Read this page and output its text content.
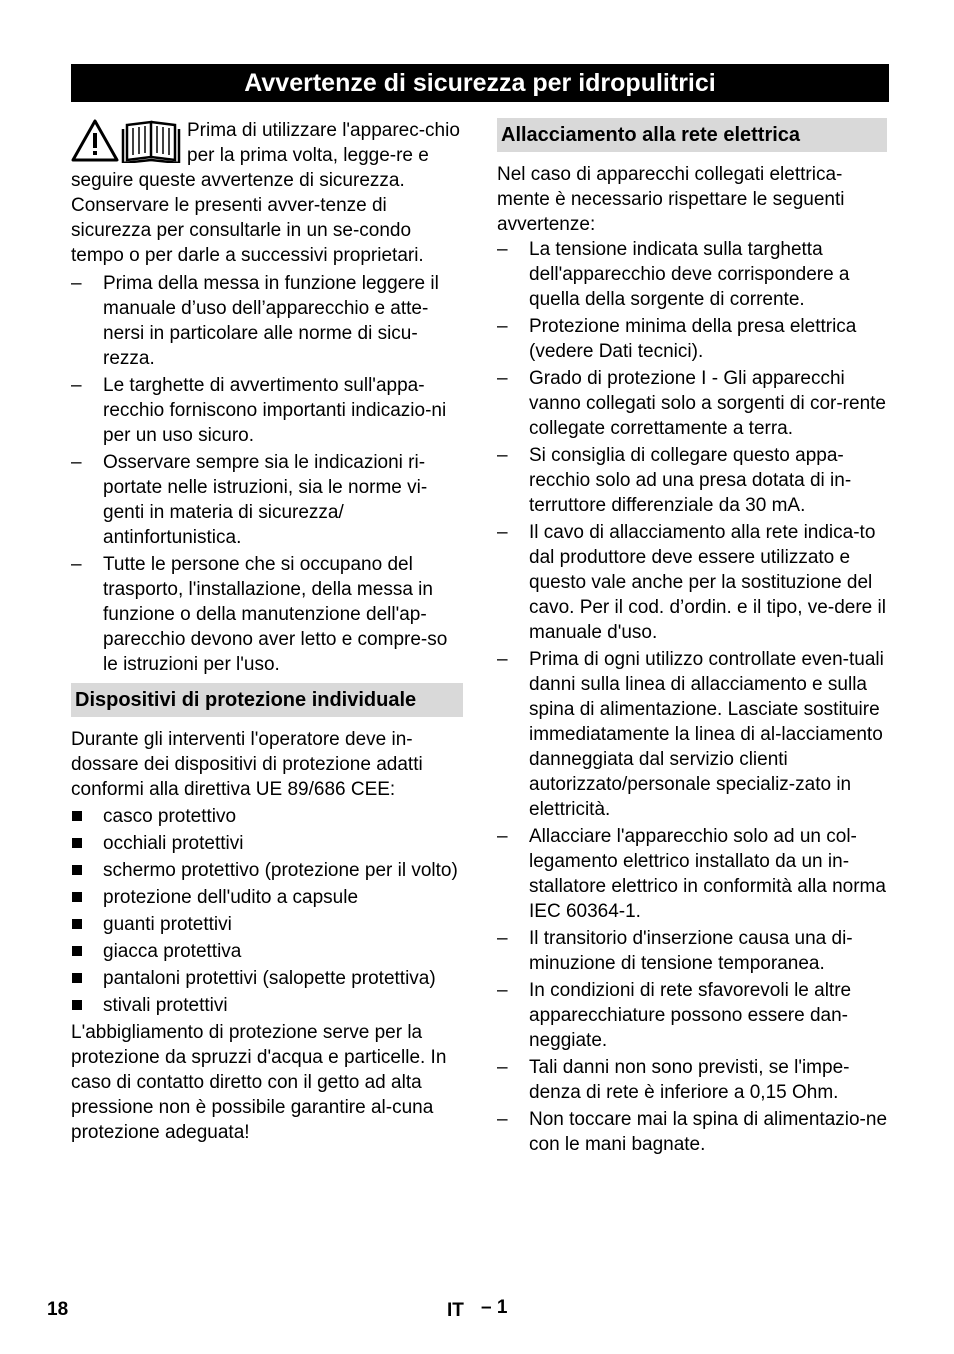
Avvertenze di sicurezza per idropulitrici

Prima di utilizzare l'apparec-chio per la prima volta, legge-re e seguire queste avvertenze di sicurezza. Conservare le presenti avver-tenze di sicurezza per consultarle in un se-condo tempo o per darle a successivi proprietari.

– Prima della messa in funzione leggere il manuale d’uso dell’apparecchio e atte-nersi in particolare alle norme di sicu-rezza.
– Le targhette di avvertimento sull'appa-recchio forniscono importanti indicazio-ni per un uso sicuro.
– Osservare sempre sia le indicazioni ri-portate nelle istruzioni, sia le norme vi-genti in materia di sicurezza/ antinfortunistica.
– Tutte le persone che si occupano del trasporto, l'installazione, della messa in funzione o della manutenzione dell'ap-parecchio devono aver letto e compre-so le istruzioni per l'uso.
Dispositivi di protezione individuale

Durante gli interventi l'operatore deve in-dossare dei dispositivi di protezione adatti conformi alla direttiva UE 89/686 CEE:

casco protettivo
occhiali protettivi
schermo protettivo (protezione per il volto)
protezione dell'udito a capsule
guanti protettivi
giacca protettiva
pantaloni protettivi (salopette protettiva)
stivali protettivi

L'abbigliamento di protezione serve per la protezione da spruzzi d'acqua e particelle. In caso di contatto diretto con il getto ad alta pressione non è possibile garantire al-cuna protezione adeguata!

Allacciamento alla rete elettrica

Nel caso di apparecchi collegati elettrica-mente è necessario rispettare le seguenti avvertenze:

– La tensione indicata sulla targhetta dell'apparecchio deve corrispondere a quella della sorgente di corrente.
– Protezione minima della presa elettrica (vedere Dati tecnici).
– Grado di protezione I - Gli apparecchi vanno collegati solo a sorgenti di cor-rente collegate correttamente a terra.
– Si consiglia di collegare questo appa-recchio solo ad una presa dotata di in-terruttore differenziale da 30 mA.
– Il cavo di allacciamento alla rete indica-to dal produttore deve essere utilizzato e questo vale anche per la sostituzione del cavo. Per il cod. d’ordin. e il tipo, ve-dere il manuale d'uso.
– Prima di ogni utilizzo controllate even-tuali danni sulla linea di allacciamento e sulla spina di alimentazione. Lasciate sostituire immediatamente la linea di al-lacciamento danneggiata dal servizio clienti autorizzato/personale specializ-zato in elettricità.
– Allacciare l'apparecchio solo ad un col-legamento elettrico installato da un in-stallatore elettrico in conformità alla norma IEC 60364-1.
– Il transitorio d'inserzione causa una di-minuzione di tensione temporanea.
– In condizioni di rete sfavorevoli le altre apparecchiature possono essere dan-neggiate.
– Tali danni non sono previsti, se l'impe-denza di rete è inferiore a 0,15 Ohm.
– Non toccare mai la spina di alimentazio-ne con le mani bagnate.
18	IT – 1
